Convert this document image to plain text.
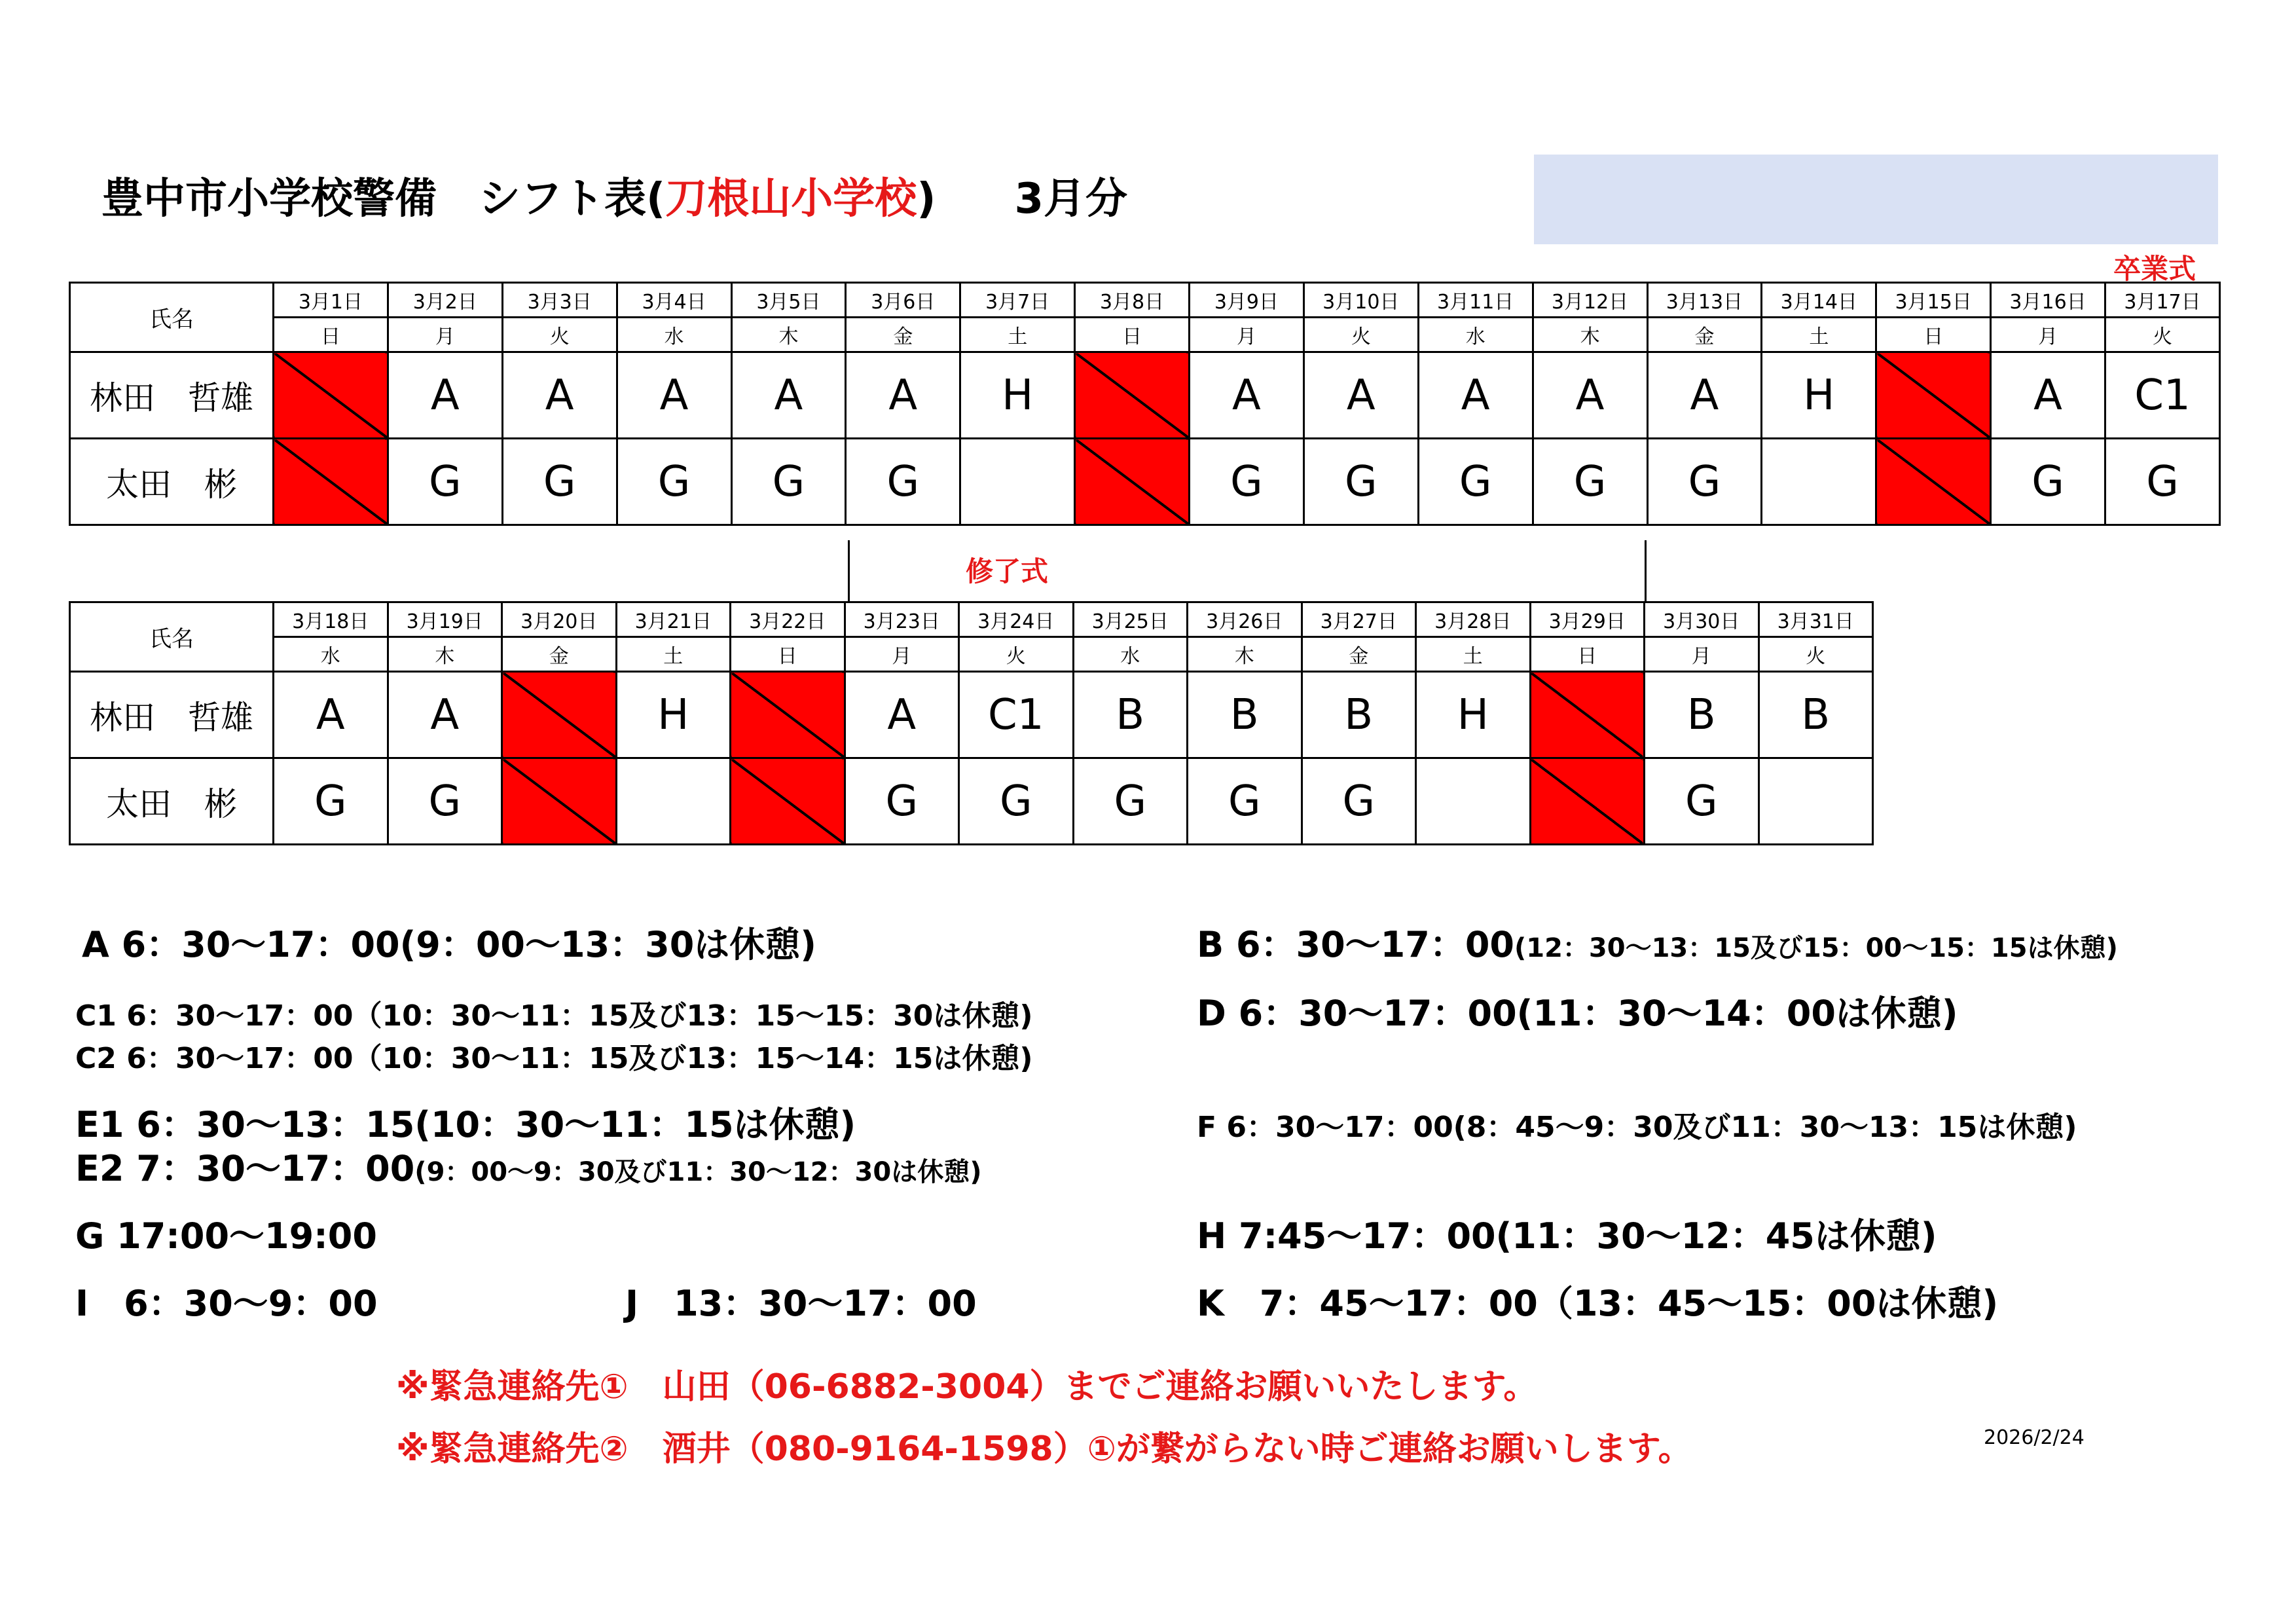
豊中市小学校警備　シフト表(刀根山小学校) 3月分
卒業式
修了式
氏名	3月1日	3月2日	3月3日	3月4日	3月5日	3月6日	3月7日	3月8日	3月9日	3月10日	3月11日	3月12日	3月13日	3月14日	3月15日	3月16日	3月17日
	日	月	火	水	木	金	土	日	月	火	水	木	金	土	日	月	火
林田　哲雄		A	A	A	A	A	H		A	A	A	A	A	H		A	C1
太田　彬		G	G	G	G	G			G	G	G	G	G			G	G
氏名	3月18日	3月19日	3月20日	3月21日	3月22日	3月23日	3月24日	3月25日	3月26日	3月27日	3月28日	3月29日	3月30日	3月31日
	水	木	金	土	日	月	火	水	木	金	土	日	月	火
林田　哲雄	A	A		H		A	C1	B	B	B	H		B	B
太田　彬	G	G				G	G	G	G	G			G	
A 6：30～17：00(9：00～13：30は休憩)	B 6：30～17：00(12：30～13：15及び15：00～15：15は休憩)
C1 6：30～17：00（10：30～11：15及び13：15～15：30は休憩)	D 6：30～17：00(11：30～14：00は休憩)
C2 6：30～17：00（10：30～11：15及び13：15～14：15は休憩)
E1 6：30～13：15(10：30～11：15は休憩)	F 6：30～17：00(8：45～9：30及び11：30～13：15は休憩)
E2 7：30～17：00(9：00～9：30及び11：30～12：30は休憩)
G 17:00～19:00	H 7:45～17：00(11：30～12：45は休憩)
I　6：30～9：00	J　13：30～17：00	K　7：45～17：00（13：45～15：00は休憩)
※緊急連絡先①　山田（06-6882-3004）までご連絡お願いいたします。
※緊急連絡先②　酒井（080-9164-1598）①が繋がらない時ご連絡お願いします。	2026/2/24
